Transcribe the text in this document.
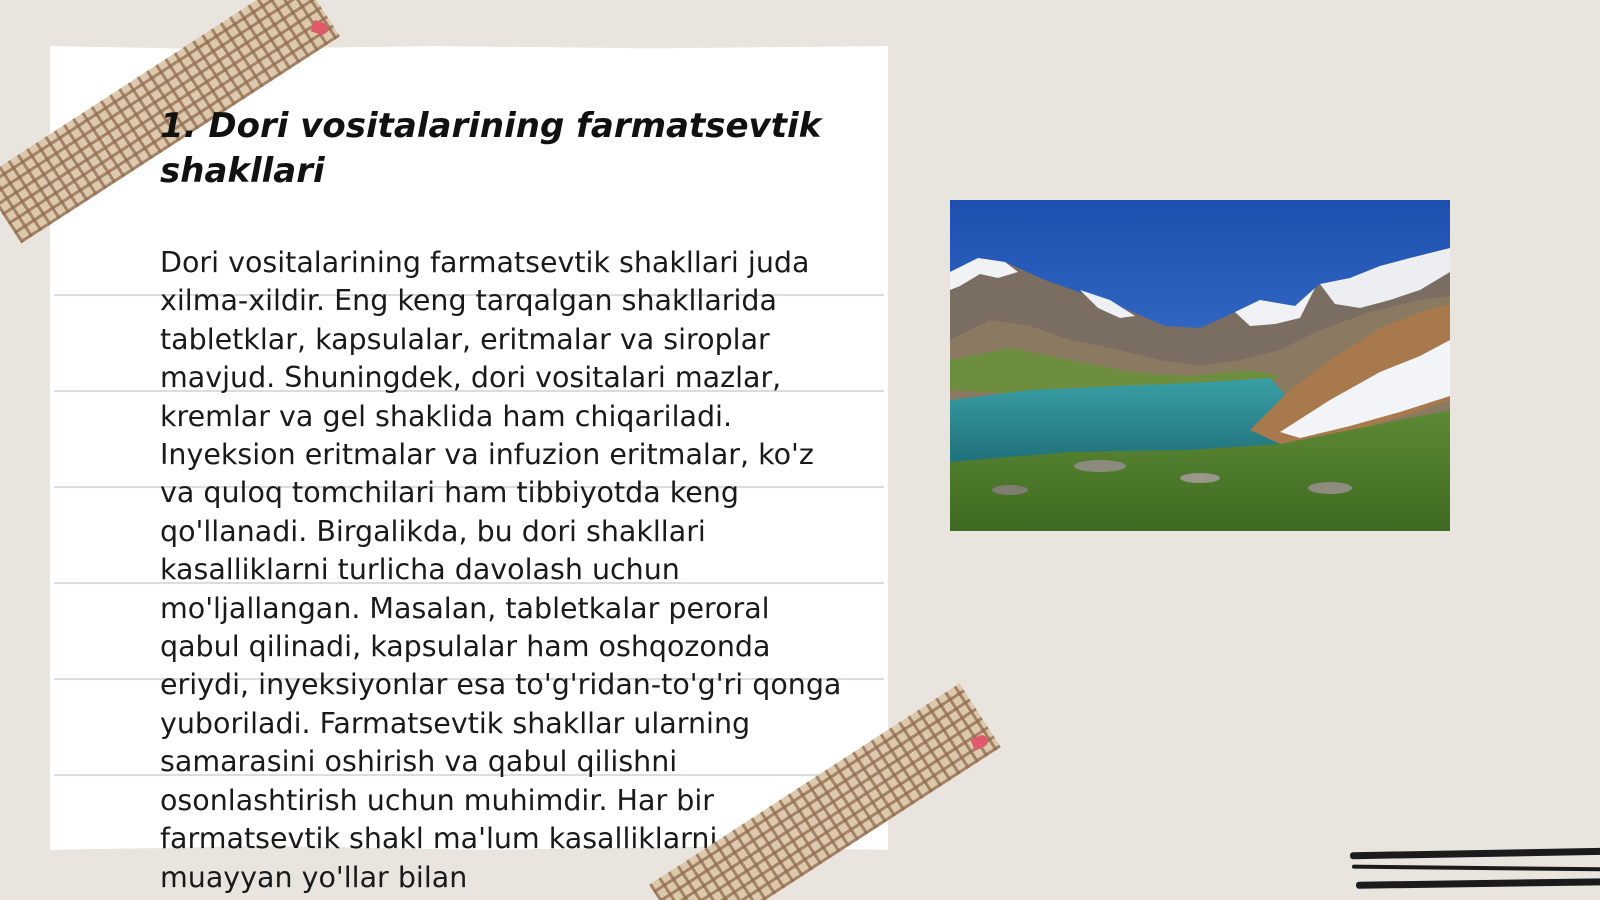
1. Dori vositalarining farmatsevtik shakllari

Dori vositalarining farmatsevtik shakllari juda xilma-xildir. Eng keng tarqalgan shakllarida tabletklar, kapsulalar, eritmalar va siroplar mavjud. Shuningdek, dori vositalari mazlar, kremlar va gel shaklida ham chiqariladi. Inyeksion eritmalar va infuzion eritmalar, ko'z va quloq tomchilari ham tibbiyotda keng qo'llanadi. Birgalikda, bu dori shakllari kasalliklarni turlicha davolash uchun mo'ljallangan. Masalan, tabletkalar peroral qabul qilinadi, kapsulalar ham oshqozonda eriydi, inyeksiyonlar esa to'g'ridan-to'g'ri qonga yuboriladi. Farmatsevtik shakllar ularning samarasini oshirish va qabul qilishni osonlashtirish uchun muhimdir. Har bir farmatsevtik shakl ma'lum kasalliklarni muayyan yo'llar bilan
